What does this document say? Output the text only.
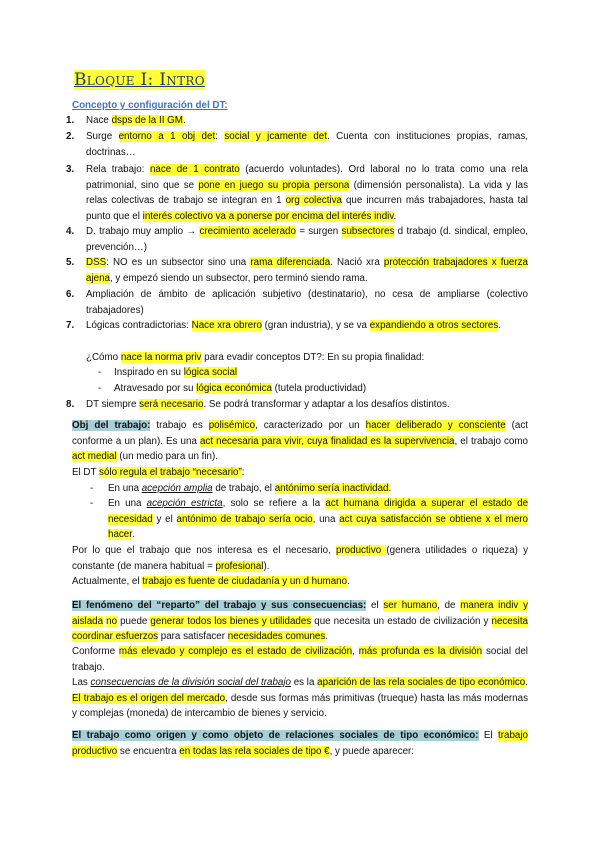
Bloque I: Intro
Concepto y configuración del DT:
1. Nace dsps de la II GM.
2. Surge entorno a 1 obj det: social y jcamente det. Cuenta con instituciones propias, ramas, doctrinas…
3. Rela trabajo: nace de 1 contrato (acuerdo voluntades). Ord laboral no lo trata como una rela patrimonial, sino que se pone en juego su propia persona (dimensión personalista). La vida y las relas colectivas de trabajo se integran en 1 org colectiva que incurren más trabajadores, hasta tal punto que el interés colectivo va a ponerse por encima del interés indiv.
4. D. trabajo muy amplio → crecimiento acelerado = surgen subsectores d trabajo (d. sindical, empleo, prevención…)
5. DSS: NO es un subsector sino una rama diferenciada. Nació xra protección trabajadores x fuerza ajena, y empezó siendo un subsector, pero terminó siendo rama.
6. Ampliación de ámbito de aplicación subjetivo (destinatario), no cesa de ampliarse (colectivo trabajadores)
7. Lógicas contradictorias: Nace xra obrero (gran industria), y se va expandiendo a otros sectores.
¿Cómo nace la norma priv para evadir conceptos DT?: En su propia finalidad:
- Inspirado en su lógica social
- Atravesado por su lógica económica (tutela productividad)
8. DT siempre será necesario. Se podrá transformar y adaptar a los desafíos distintos.
Obj del trabajo: trabajo es polisémico, caracterizado por un hacer deliberado y consciente (act conforme a un plan). Es una act necesaria para vivir, cuya finalidad es la supervivencia, el trabajo como act medial (un medio para un fin).
El DT sólo regula el trabajo “necesario”:
- En una acepción amplia de trabajo, el antónimo sería inactividad.
- En una acepción estricta, solo se refiere a la act humana dirigida a superar el estado de necesidad y el antónimo de trabajo sería ocio, una act cuya satisfacción se obtiene x el mero hacer.
Por lo que el trabajo que nos interesa es el necesario, productivo (genera utilidades o riqueza) y constante (de manera habitual = profesional).
Actualmente, el trabajo es fuente de ciudadanía y un d humano.
El fenómeno del “reparto” del trabajo y sus consecuencias: el ser humano, de manera indiv y aislada no puede generar todos los bienes y utilidades que necesita un estado de civilización y necesita coordinar esfuerzos para satisfacer necesidades comunes.
Conforme más elevado y complejo es el estado de civilización, más profunda es la división social del trabajo.
Las consecuencias de la división social del trabajo es la aparición de las rela sociales de tipo económico. El trabajo es el origen del mercado, desde sus formas más primitivas (trueque) hasta las más modernas y complejas (moneda) de intercambio de bienes y servicio.
El trabajo como origen y como objeto de relaciones sociales de tipo económico: El trabajo productivo se encuentra en todas las rela sociales de tipo €, y puede aparecer:
